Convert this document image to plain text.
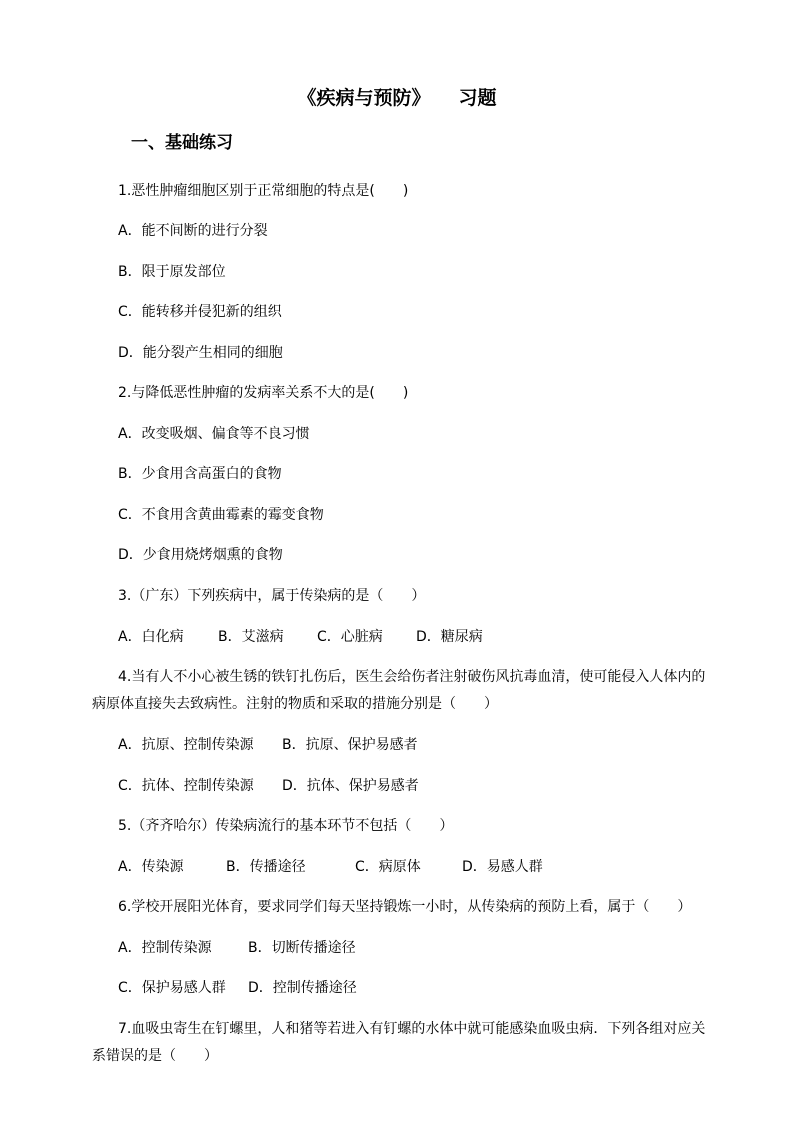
《疾病与预防》 习题
一、基础练习
1.恶性肿瘤细胞区别于正常细胞的特点是(　　)
A．能不间断的进行分裂
B．限于原发部位
C．能转移并侵犯新的组织
D．能分裂产生相同的细胞
2.与降低恶性肿瘤的发病率关系不大的是(　　)
A．改变吸烟、偏食等不良习惯
B．少食用含高蛋白的食物
C．不食用含黄曲霉素的霉变食物
D．少食用烧烤烟熏的食物
3.（广东）下列疾病中，属于传染病的是（　　）
A．白化病 B．艾滋病 C．心脏病 D．糖尿病
4.当有人不小心被生锈的铁钉扎伤后，医生会给伤者注射破伤风抗毒血清，使可能侵入人体内的
病原体直接失去致病性。注射的物质和采取的措施分别是（　　）
A．抗原、控制传染源 B．抗原、保护易感者
C．抗体、控制传染源 D．抗体、保护易感者
5.（齐齐哈尔）传染病流行的基本环节不包括（　　）
A．传染源	B．传播途径	C．病原体	D．易感人群
6.学校开展阳光体育，要求同学们每天坚持锻炼一小时，从传染病的预防上看，属于（　　）
A．控制传染源	B．切断传播途径
C．保护易感人群 D．控制传播途径
7.血吸虫寄生在钉螺里，人和猪等若进入有钉螺的水体中就可能感染血吸虫病．下列各组对应关
系错误的是（　　）
